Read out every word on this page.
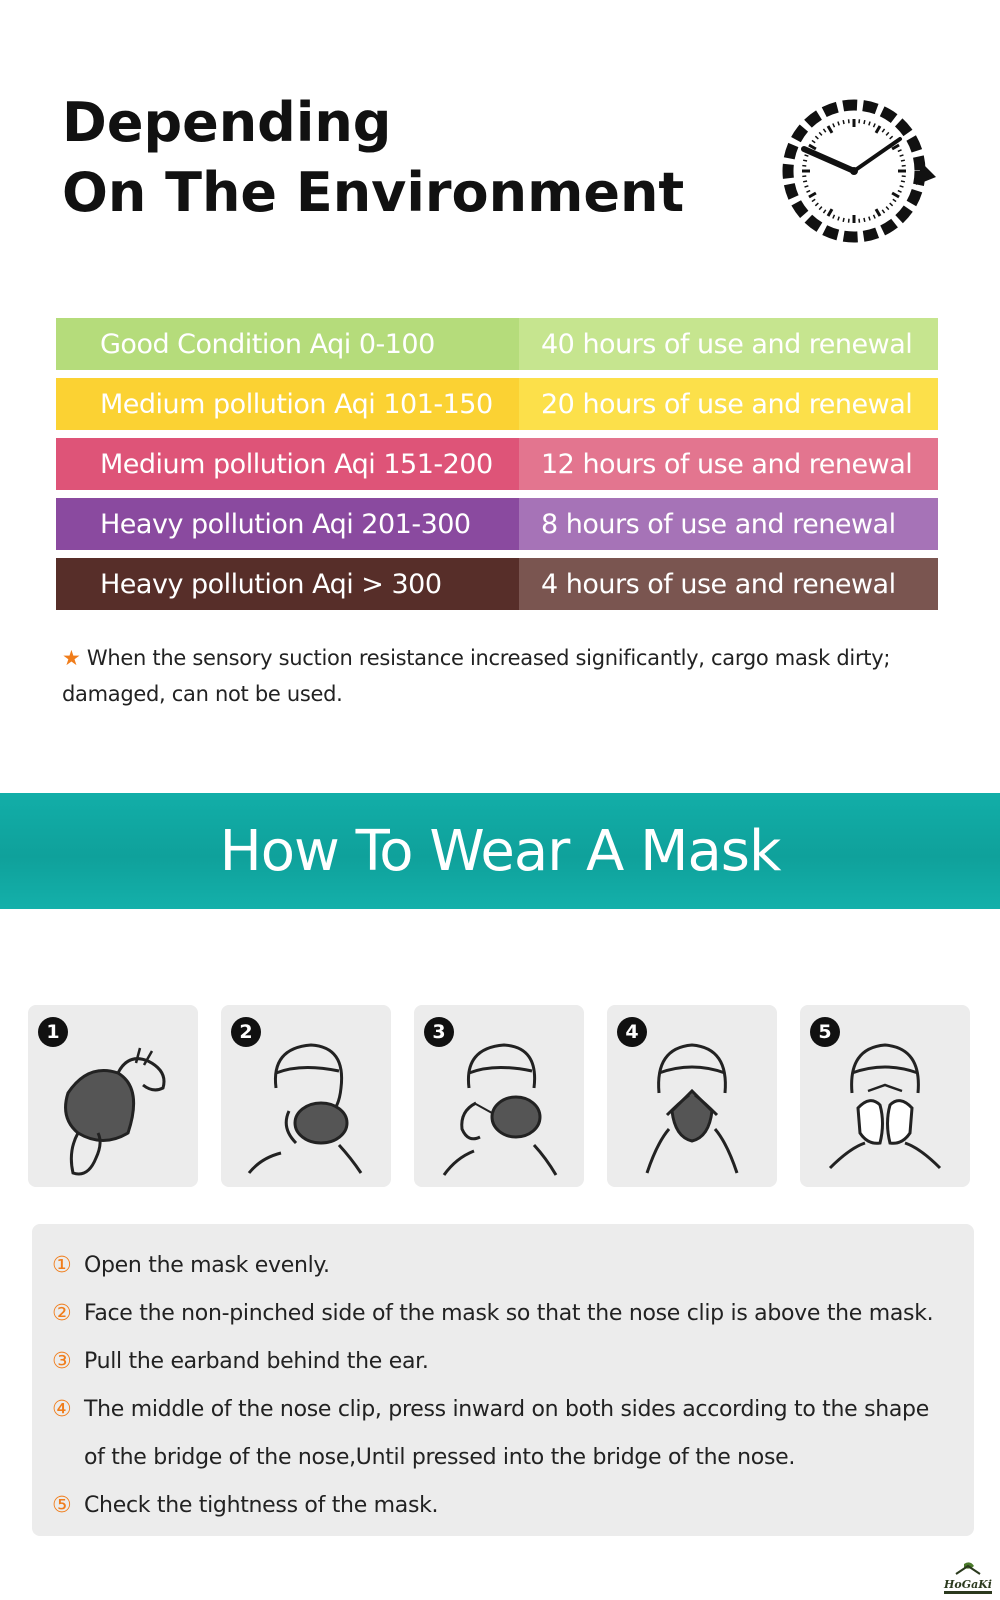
Depending
On The Environment
Good Condition Aqi 0-100	40 hours of use and renewal
Medium pollution Aqi 101-150	20 hours of use and renewal
Medium pollution Aqi 151-200	12 hours of use and renewal
Heavy pollution Aqi 201-300	8 hours of use and renewal
Heavy pollution Aqi > 300	4 hours of use and renewal
★ When the sensory suction resistance increased significantly, cargo mask dirty; damaged, can not be used.
How To Wear A Mask
1	2	3	4	5
① Open the mask evenly.
② Face the non-pinched side of the mask so that the nose clip is above the mask.
③ Pull the earband behind the ear.
④ The middle of the nose clip, press inward on both sides according to the shape of the bridge of the nose,Until pressed into the bridge of the nose.
⑤ Check the tightness of the mask.
HoGaKi
